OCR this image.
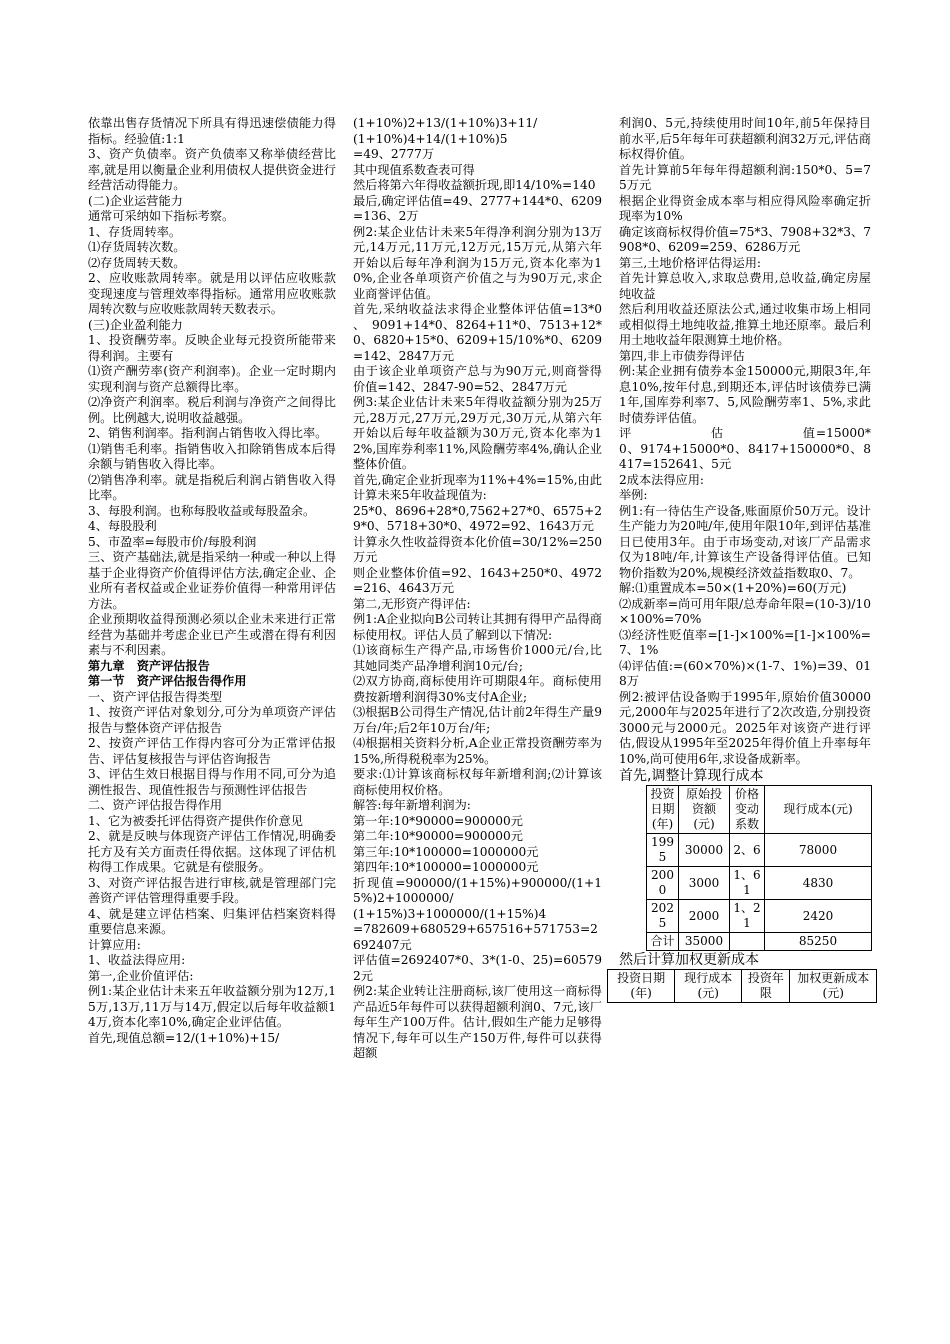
依靠出售存货情况下所具有得迅速偿债能力得指标。经验值:1:1

3、资产负债率。资产负债率又称举债经营比率,就是用以衡量企业利用债权人提供资金进行经营活动得能力。

(二)企业运营能力

通常可采纳如下指标考察。

1、存货周转率。

⑴存货周转次数。

⑵存货周转天数。

2、应收账款周转率。就是用以评估应收账款变现速度与管理效率得指标。通常用应收账款周转次数与应收账款周转天数表示。

(三)企业盈利能力

1、投资酬劳率。反映企业每元投资所能带来得利润。主要有

⑴资产酬劳率(资产利润率)。企业一定时期内实现利润与资产总额得比率。

⑵净资产利润率。税后利润与净资产之间得比例。比例越大,说明收益越强。

2、销售利润率。指利润占销售收入得比率。

⑴销售毛利率。指销售收入扣除销售成本后得余额与销售收入得比率。

⑵销售净利率。就是指税后利润占销售收入得比率。

3、每股利润。也称每股收益或每股盈余。

4、每股股利

5、市盈率=每股市价/每股利润

三、资产基础法,就是指采纳一种或一种以上得基于企业得资产价值得评估方法,确定企业、企业所有者权益或企业证券价值得一种常用评估方法。

企业预期收益得预测必须以企业未来进行正常经营为基础并考虑企业已产生或潜在得有利因素与不利因素。

第九章　资产评估报告

第一节　资产评估报告得作用

一、资产评估报告得类型

1、按资产评估对象划分,可分为单项资产评估报告与整体资产评估报告

2、按资产评估工作得内容可分为正常评估报告、评估复核报告与评估咨询报告

3、评估生效日根据目得与作用不同,可分为追溯性报告、现值性报告与预测性评估报告

二、资产评估报告得作用

1、它为被委托评估得资产提供作价意见

2、就是反映与体现资产评估工作情况,明确委托方及有关方面责任得依据。这体现了评估机构得工作成果。它就是有偿服务。

3、对资产评估报告进行审核,就是管理部门完善资产评估管理得重要手段。

4、就是建立评估档案、归集评估档案资料得重要信息来源。

计算应用:

1、收益法得应用:

第一,企业价值评估:

例1:某企业估计未来五年收益额分别为12万,15万,13万,11万与14万,假定以后每年收益额14万,资本化率10%,确定企业评估值。

首先,现值总额=12/(1+10%)+15/

(1+10%)2+13/(1+10%)3+11/

(1+10%)4+14/(1+10%)5

=49、2777万

其中现值系数查表可得

然后将第六年得收益额折现,即14/10%=140

最后,确定评估值=49、2777+144*0、6209=136、2万

例2:某企业估计未来5年得净利润分别为13万元,14万元,11万元,12万元,15万元,从第六年开始以后每年净利润为15万元,资本化率为10%,企业各单项资产价值之与为90万元,求企业商誉评估值。

首先,采纳收益法求得企业整体评估值=13*0　、　9091+14*0、8264+11*0、7513+12*0、6820+15*0、6209+15/10%*0、6209=142、2847万元

由于该企业单项资产总与为90万元,则商誉得价值=142、2847-90=52、2847万元

例3:某企业估计未来5年得收益额分别为25万元,28万元,27万元,29万元,30万元,从第六年开始以后每年收益额为30万元,资本化率为12%,国库券利率11%,风险酬劳率4%,确认企业整体价值。

首先,确定企业折现率为11%+4%=15%,由此计算未来5年收益现值为:

25*0、8696+28*0,7562+27*0、6575+29*0、5718+30*0、4972=92、1643万元

计算永久性收益得资本化价值=30/12%=250万元

则企业整体价值=92、1643+250*0、4972=216、4643万元

第二,无形资产得评估:

例1:A企业拟向B公司转让其拥有得甲产品得商标使用权。评估人员了解到以下情况:

⑴该商标生产得产品,市场售价1000元/台,比其她同类产品净增利润10元/台;

⑵双方协商,商标使用许可期限4年。商标使用费按新增利润得30%支付A企业;

⑶根据B公司得生产情况,估计前2年得生产量9万台/年;后2年10万台/年;

⑷根据相关资料分析,A企业正常投资酬劳率为15%,所得税税率为25%。

要求:⑴计算该商标权每年新增利润;⑵计算该商标使用权价格。

解答:每年新增利润为:

第一年:10*90000=900000元

第二年:10*90000=900000元

第三年:10*100000=1000000元

第四年:10*100000=1000000元

折现值=900000/(1+15%)+900000/(1+15%)2+1000000/

(1+15%)3+1000000/(1+15%)4

=782609+680529+657516+571753=2692407元

评估值=2692407*0、3*(1-0、25)=605792元

例2:某企业转让注册商标,该厂使用这一商标得产品近5年每件可以获得超额利润0、7元,该厂每年生产100万件。估计,假如生产能力足够得情况下,每年可以生产150万件,每件可以获得超额

利润0、5元,持续使用时间10年,前5年保持目前水平,后5年每年可获超额利润32万元,评估商标权得价值。

首先计算前5年每年得超额利润:150*0、5=75万元

根据企业得资金成本率与相应得风险率确定折现率为10%

确定该商标权得价值=75*3、7908+32*3、7908*0、6209=259、6286万元

第三,土地价格评估得运用:

首先计算总收入,求取总费用,总收益,确定房屋纯收益

然后利用收益还原法公式,通过收集市场上相同或相似得土地纯收益,推算土地还原率。最后利用土地收益年限测算土地价格。

第四,非上市债券得评估

例:某企业拥有债券本金150000元,期限3年,年息10%,按年付息,到期还本,评估时该债券已满1年,国库券利率7、5,风险酬劳率1、5%,求此时债券评估值。

评　　　　　　估　　　　　　值=15000*0、9174+15000*0、8417+150000*0、8417=152641、5元

2成本法得应用:

举例:

例1:有一待估生产设备,账面原价50万元。设计生产能力为20吨/年,使用年限10年,到评估基准日已使用3年。由于市场变动,对该厂产品需求仅为18吨/年,计算该生产设备得评估值。已知物价指数为20%,规模经济效益指数取0、7。

解:⑴重置成本=50×(1+20%)=60(万元)

⑵成新率=尚可用年限/总寿命年限=(10-3)/10×100%=70%

⑶经济性贬值率=[1-]×100%=[1-]×100%=7、1%

⑷评估值:=(60×70%)×(1-7、1%)=39、018万

例2:被评估设备购于1995年,原始价值30000元,2000年与2025年进行了2次改造,分别投资3000元与2000元。2025年对该资产进行评估,假设从1995年至2025年得价值上升率每年10%,尚可使用6年,求设备成新率。

首先,调整计算现行成本

投资日期(年)	原始投资额(元)	价格变动系数	现行成本(元)
1995	30000	2、6	78000
2000	3000	1、61	4830
2025	2000	1、21	2420
合计	35000		85250

然后计算加权更新成本

投资日期(年)	现行成本(元)	投资年限	加权更新成本(元)
